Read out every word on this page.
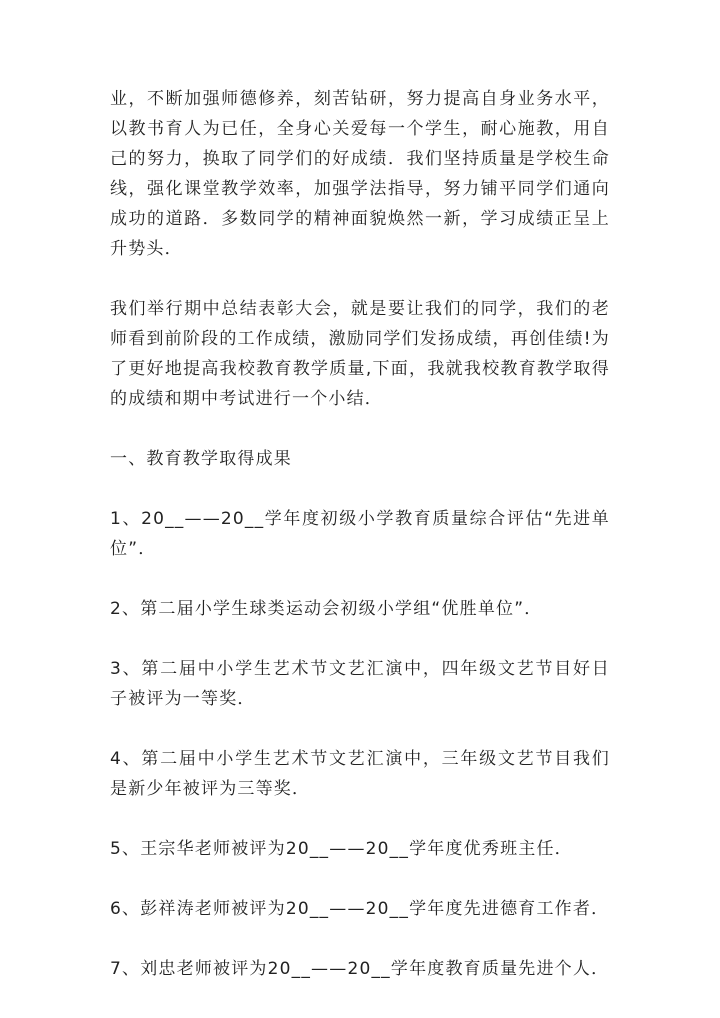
业，不断加强师德修养，刻苦钻研，努力提高自身业务水平，以教书育人为已任，全身心关爱每一个学生，耐心施教，用自己的努力，换取了同学们的好成绩．我们坚持质量是学校生命线，强化课堂教学效率，加强学法指导，努力铺平同学们通向成功的道路．多数同学的精神面貌焕然一新，学习成绩正呈上升势头．

我们举行期中总结表彰大会，就是要让我们的同学，我们的老师看到前阶段的工作成绩，激励同学们发扬成绩，再创佳绩!为了更好地提高我校教育教学质量,下面，我就我校教育教学取得的成绩和期中考试进行一个小结．

一、教育教学取得成果

1、20__——20__学年度初级小学教育质量综合评估“先进单位”．

2、第二届小学生球类运动会初级小学组“优胜单位”．

3、第二届中小学生艺术节文艺汇演中，四年级文艺节目好日子被评为一等奖．

4、第二届中小学生艺术节文艺汇演中，三年级文艺节目我们是新少年被评为三等奖．

5、王宗华老师被评为20__——20__学年度优秀班主任．

6、彭祥涛老师被评为20__——20__学年度先进德育工作者．

7、刘忠老师被评为20__——20__学年度教育质量先进个人．
